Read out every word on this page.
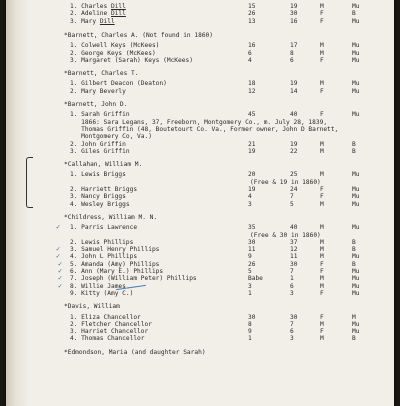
1. Charles Dill	15	19	M	Mu
2. Adeline Dill	26	30	F	B
3. Mary Dill	13	16	F	Mu
*Barnett, Charles A. (Not found in 1860)
1. Colwell Keys (McKees)	16	17	M	Mu
2. George Keys (McKees)	6	8	M	Mu
3. Margaret (Sarah) Keys (McKees)	4	6	F	Mu
*Barnett, Charles T.
1. Gilbert Deacon (Deaton)	18	19	M	Mu
2. Mary Beverly	12	14	F	Mu
*Barnett, John D.
1. Sarah Griffin	45	40	F	Mu
1866: Sara Legans, 37, Freeborn, Montgomery Co., m. July 28, 1839,
Thomas Griffin (48, Boutetourt Co. Va., Former owner, John D Barnett,
Montgomery Co, Va.)
2. John Griffin	21	19	M	B
3. Giles Griffin	19	22	M	B
*Callahan, William M.
1. Lewis Briggs	20	25	M	Mu
(Free & 19 in 1860)
2. Harriett Briggs	19	24	F	Mu
3. Nancy Briggs	4	7	F	Mu
4. Wesley Briggs	3	5	M	Mu
*Childress, William M. N.
1. Parris Lawrence	35	40	M	Mu
(Free & 30 in 1860)
2. Lewis Phillips	30	37	M	B
3. Samuel Henry Phillips	11	12	M	B
4. John L Phillips	9	11	M	Mu
5. Amanda (Amy) Phillips	26	30	F	B
6. Ann (Mary E.) Phillips	5	7	F	Mu
7. Joseph (William Peter) Phillips	Babe	1	M	Mu
8. Willie James	3	6	M	Mu
9. Kitty (Amy C.)	1	3	F	Mu
✓
✓
✓
✓
✓
✓
✓
*Davis, William
1. Eliza Chancellor	30	30	F	M
2. Fletcher Chancellor	8	7	M	Mu
3. Harriet Chancellor	9	6	F	Mu
4. Thomas Chancellor	1	3	M	B
*Edmondson, Maria (and daughter Sarah)
